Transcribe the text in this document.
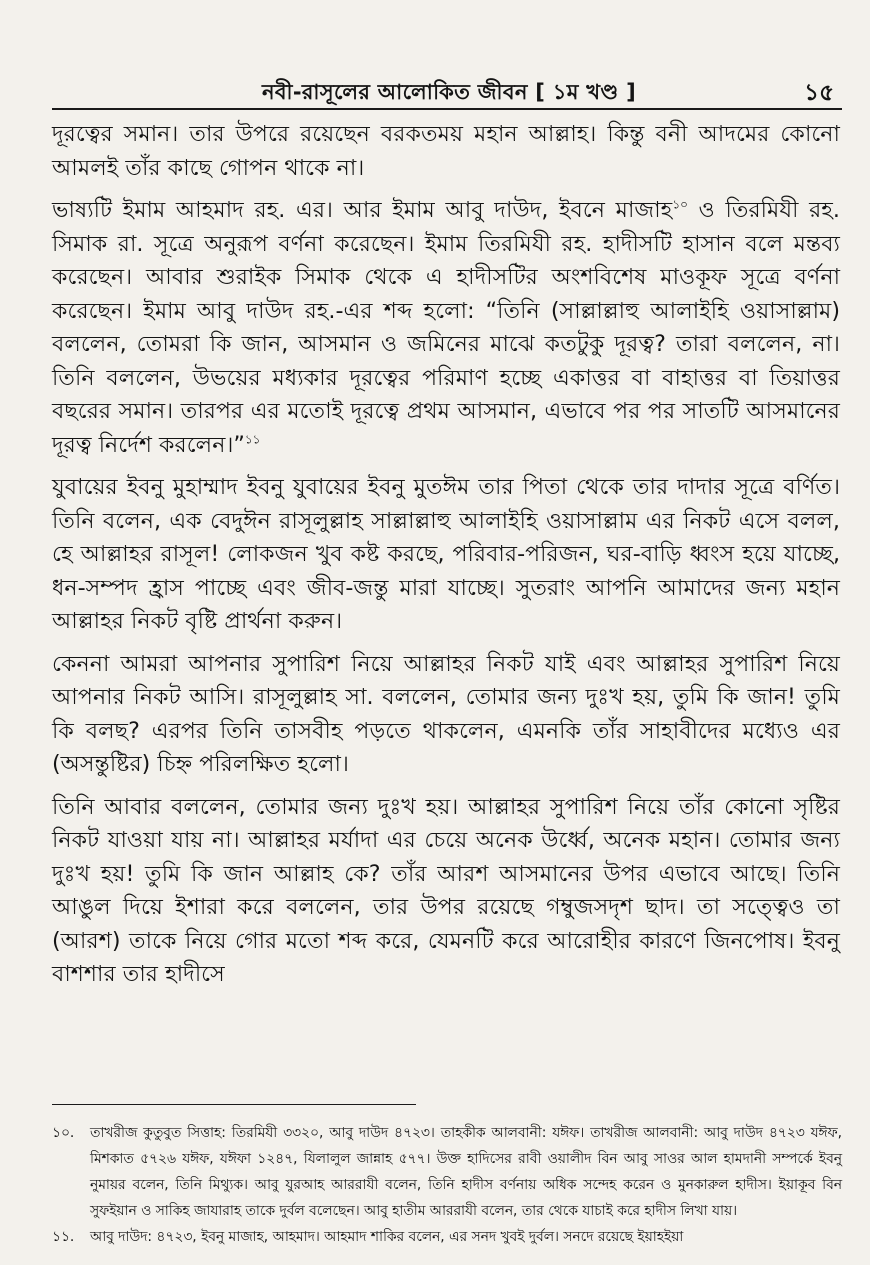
নবী-রাসূলের আলোকিত জীবন [ ১ম খণ্ড ]	১৫

দূরত্বের সমান। তার উপরে রয়েছেন বরকতময় মহান আল্লাহ। কিন্তু বনী আদমের কোনো আমলই তাঁর কাছে গোপন থাকে না।

ভাষ্যটি ইমাম আহমাদ রহ. এর। আর ইমাম আবু দাউদ, ইবনে মাজাহ$^{১০}$ ও তিরমিযী রহ. সিমাক রা. সূত্রে অনুরূপ বর্ণনা করেছেন। ইমাম তিরমিযী রহ. হাদীসটি হাসান বলে মন্তব্য করেছেন। আবার শুরাইক সিমাক থেকে এ হাদীসটির অংশবিশেষ মাওকূফ সূত্রে বর্ণনা করেছেন। ইমাম আবু দাউদ রহ.-এর শব্দ হলো: “তিনি (সাল্লাল্লাহু আলাইহি ওয়াসাল্লাম) বললেন, তোমরা কি জান, আসমান ও জমিনের মাঝে কতটুকু দূরত্ব? তারা বললেন, না। তিনি বললেন, উভয়ের মধ্যকার দূরত্বের পরিমাণ হচ্ছে একাত্তর বা বাহাত্তর বা তিয়াত্তর বছরের সমান। তারপর এর মতোই দূরত্বে প্রথম আসমান, এভাবে পর পর সাতটি আসমানের দূরত্ব নির্দেশ করলেন।”$^{১১}$

যুবায়ের ইবনু মুহাম্মাদ ইবনু যুবায়ের ইবনু মুতঈম তার পিতা থেকে তার দাদার সূত্রে বর্ণিত। তিনি বলেন, এক বেদুঈন রাসূলুল্লাহ সাল্লাল্লাহু আলাইহি ওয়াসাল্লাম এর নিকট এসে বলল, হে আল্লাহর রাসূল! লোকজন খুব কষ্ট করছে, পরিবার-পরিজন, ঘর-বাড়ি ধ্বংস হয়ে যাচ্ছে, ধন-সম্পদ হ্রাস পাচ্ছে এবং জীব-জন্তু মারা যাচ্ছে। সুতরাং আপনি আমাদের জন্য মহান আল্লাহর নিকট বৃষ্টি প্রার্থনা করুন।

কেননা আমরা আপনার সুপারিশ নিয়ে আল্লাহর নিকট যাই এবং আল্লাহর সুপারিশ নিয়ে আপনার নিকট আসি। রাসূলুল্লাহ সা. বললেন, তোমার জন্য দুঃখ হয়, তুমি কি জান! তুমি কি বলছ? এরপর তিনি তাসবীহ পড়তে থাকলেন, এমনকি তাঁর সাহাবীদের মধ্যেও এর (অসন্তুষ্টির) চিহ্ন পরিলক্ষিত হলো।

তিনি আবার বললেন, তোমার জন্য দুঃখ হয়। আল্লাহর সুপারিশ নিয়ে তাঁর কোনো সৃষ্টির নিকট যাওয়া যায় না। আল্লাহর মর্যাদা এর চেয়ে অনেক উর্ধ্বে, অনেক মহান। তোমার জন্য দুঃখ হয়! তুমি কি জান আল্লাহ কে? তাঁর আরশ আসমানের উপর এভাবে আছে। তিনি আঙুল দিয়ে ইশারা করে বললেন, তার উপর রয়েছে গম্বুজসদৃশ ছাদ। তা সত্ত্বেও তা (আরশ) তাকে নিয়ে গোর মতো শব্দ করে, যেমনটি করে আরোহীর কারণে জিনপোষ। ইবনু বাশশার তার হাদীসে

১০. তাখরীজ কুতুবুত সিত্তাহ: তিরমিযী ৩৩২০, আবু দাউদ ৪৭২৩। তাহকীক আলবানী: যঈফ। তাখরীজ আলবানী: আবু দাউদ ৪৭২৩ যঈফ, মিশকাত ৫৭২৬ যঈফ, যঈফা ১২৪৭, যিলালুল জান্নাহ ৫৭৭। উক্ত হাদিসের রাবী ওয়ালীদ বিন আবু সাওর আল হামদানী সম্পর্কে ইবনু নুমায়র বলেন, তিনি মিথ্যুক। আবু যুরআহ আররাযী বলেন, তিনি হাদীস বর্ণনায় অধিক সন্দেহ করেন ও মুনকারুল হাদীস। ইয়াকূব বিন সুফইয়ান ও সাকিহ জাযারাহ তাকে দুর্বল বলেছেন। আবু হাতীম আররাযী বলেন, তার থেকে যাচাই করে হাদীস লিখা যায়।

১১. আবু দাউদ: ৪৭২৩, ইবনু মাজাহ, আহমাদ। আহমাদ শাকির বলেন, এর সনদ খুবই দুর্বল। সনদে রয়েছে ইয়াহইয়া
